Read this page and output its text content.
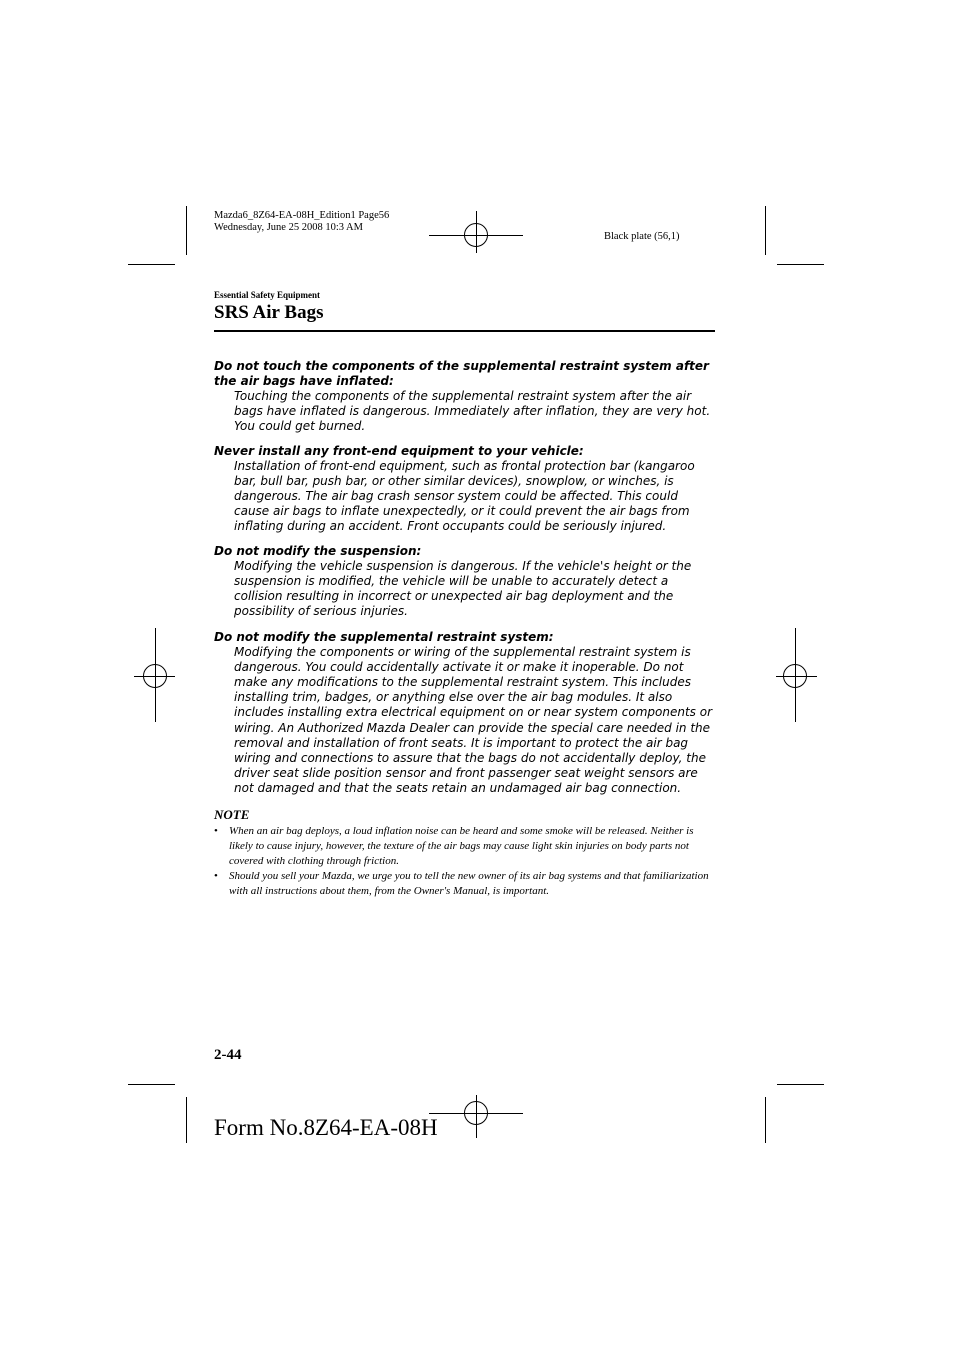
Mazda6_8Z64-EA-08H_Edition1 Page56
Wednesday, June 25 2008 10:3 AM
Black plate (56,1)
Essential Safety Equipment
SRS Air Bags
Do not touch the components of the supplemental restraint system after the air bags have inflated:
Touching the components of the supplemental restraint system after the air bags have inflated is dangerous. Immediately after inflation, they are very hot. You could get burned.
Never install any front-end equipment to your vehicle:
Installation of front-end equipment, such as frontal protection bar (kangaroo bar, bull bar, push bar, or other similar devices), snowplow, or winches, is dangerous. The air bag crash sensor system could be affected. This could cause air bags to inflate unexpectedly, or it could prevent the air bags from inflating during an accident. Front occupants could be seriously injured.
Do not modify the suspension:
Modifying the vehicle suspension is dangerous. If the vehicle's height or the suspension is modified, the vehicle will be unable to accurately detect a collision resulting in incorrect or unexpected air bag deployment and the possibility of serious injuries.
Do not modify the supplemental restraint system:
Modifying the components or wiring of the supplemental restraint system is dangerous. You could accidentally activate it or make it inoperable. Do not make any modifications to the supplemental restraint system. This includes installing trim, badges, or anything else over the air bag modules. It also includes installing extra electrical equipment on or near system components or wiring. An Authorized Mazda Dealer can provide the special care needed in the removal and installation of front seats. It is important to protect the air bag wiring and connections to assure that the bags do not accidentally deploy, the driver seat slide position sensor and front passenger seat weight sensors are not damaged and that the seats retain an undamaged air bag connection.
NOTE
•	When an air bag deploys, a loud inflation noise can be heard and some smoke will be released. Neither is likely to cause injury, however, the texture of the air bags may cause light skin injuries on body parts not covered with clothing through friction.
•	Should you sell your Mazda, we urge you to tell the new owner of its air bag systems and that familiarization with all instructions about them, from the Owner's Manual, is important.
2-44
Form No.8Z64-EA-08H
